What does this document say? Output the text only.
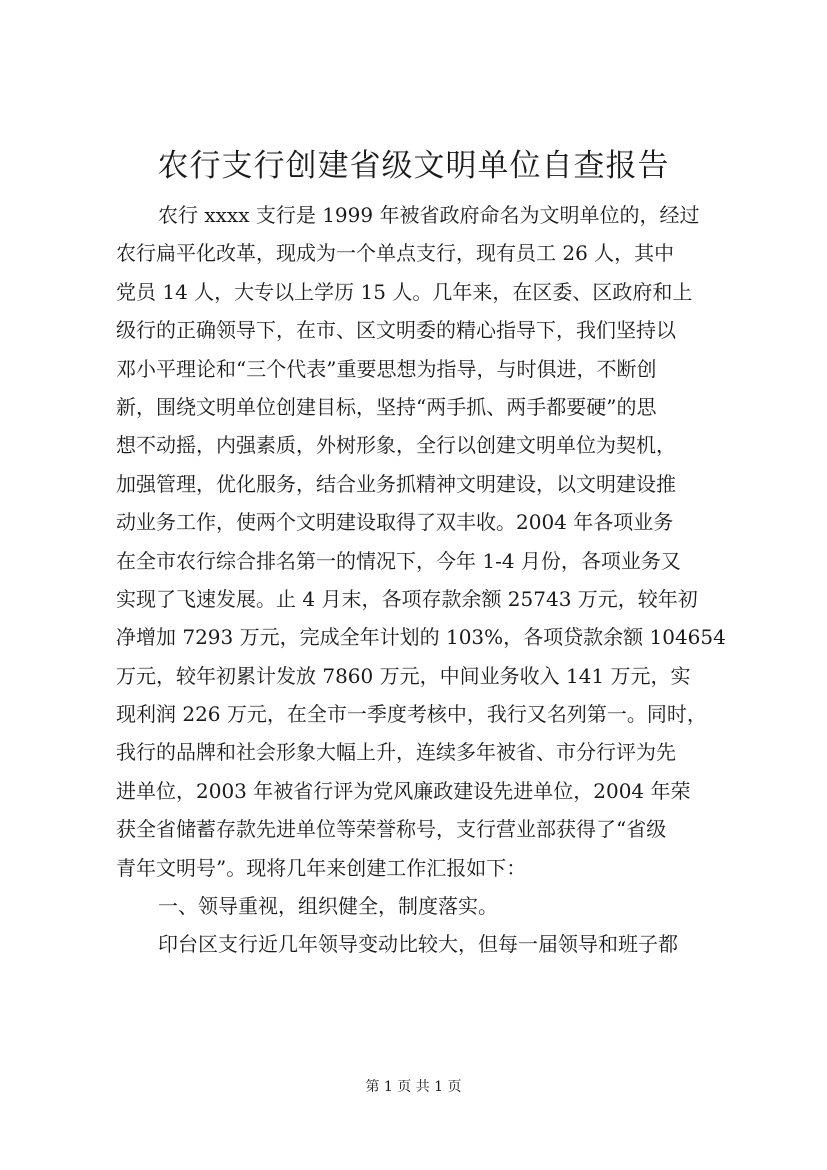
农行支行创建省级文明单位自查报告
农行 xxxx 支行是 1999 年被省政府命名为文明单位的，经过
农行扁平化改革，现成为一个单点支行，现有员工 26 人，其中
党员 14 人，大专以上学历 15 人。几年来，在区委、区政府和上
级行的正确领导下，在市、区文明委的精心指导下，我们坚持以
邓小平理论和“三个代表”重要思想为指导，与时俱进，不断创
新，围绕文明单位创建目标，坚持“两手抓、两手都要硬”的思
想不动摇，内强素质，外树形象，全行以创建文明单位为契机，
加强管理，优化服务，结合业务抓精神文明建设，以文明建设推
动业务工作，使两个文明建设取得了双丰收。2004 年各项业务
在全市农行综合排名第一的情况下，今年 1-4 月份，各项业务又
实现了飞速发展。止 4 月末，各项存款余额 25743 万元，较年初
净增加 7293 万元，完成全年计划的 103%，各项贷款余额 104654
万元，较年初累计发放 7860 万元，中间业务收入 141 万元，实
现利润 226 万元，在全市一季度考核中，我行又名列第一。同时，
我行的品牌和社会形象大幅上升，连续多年被省、市分行评为先
进单位，2003 年被省行评为党风廉政建设先进单位，2004 年荣
获全省储蓄存款先进单位等荣誉称号，支行营业部获得了“省级
青年文明号”。现将几年来创建工作汇报如下：
一、领导重视，组织健全，制度落实。
印台区支行近几年领导变动比较大，但每一届领导和班子都
第 1 页 共 1 页
